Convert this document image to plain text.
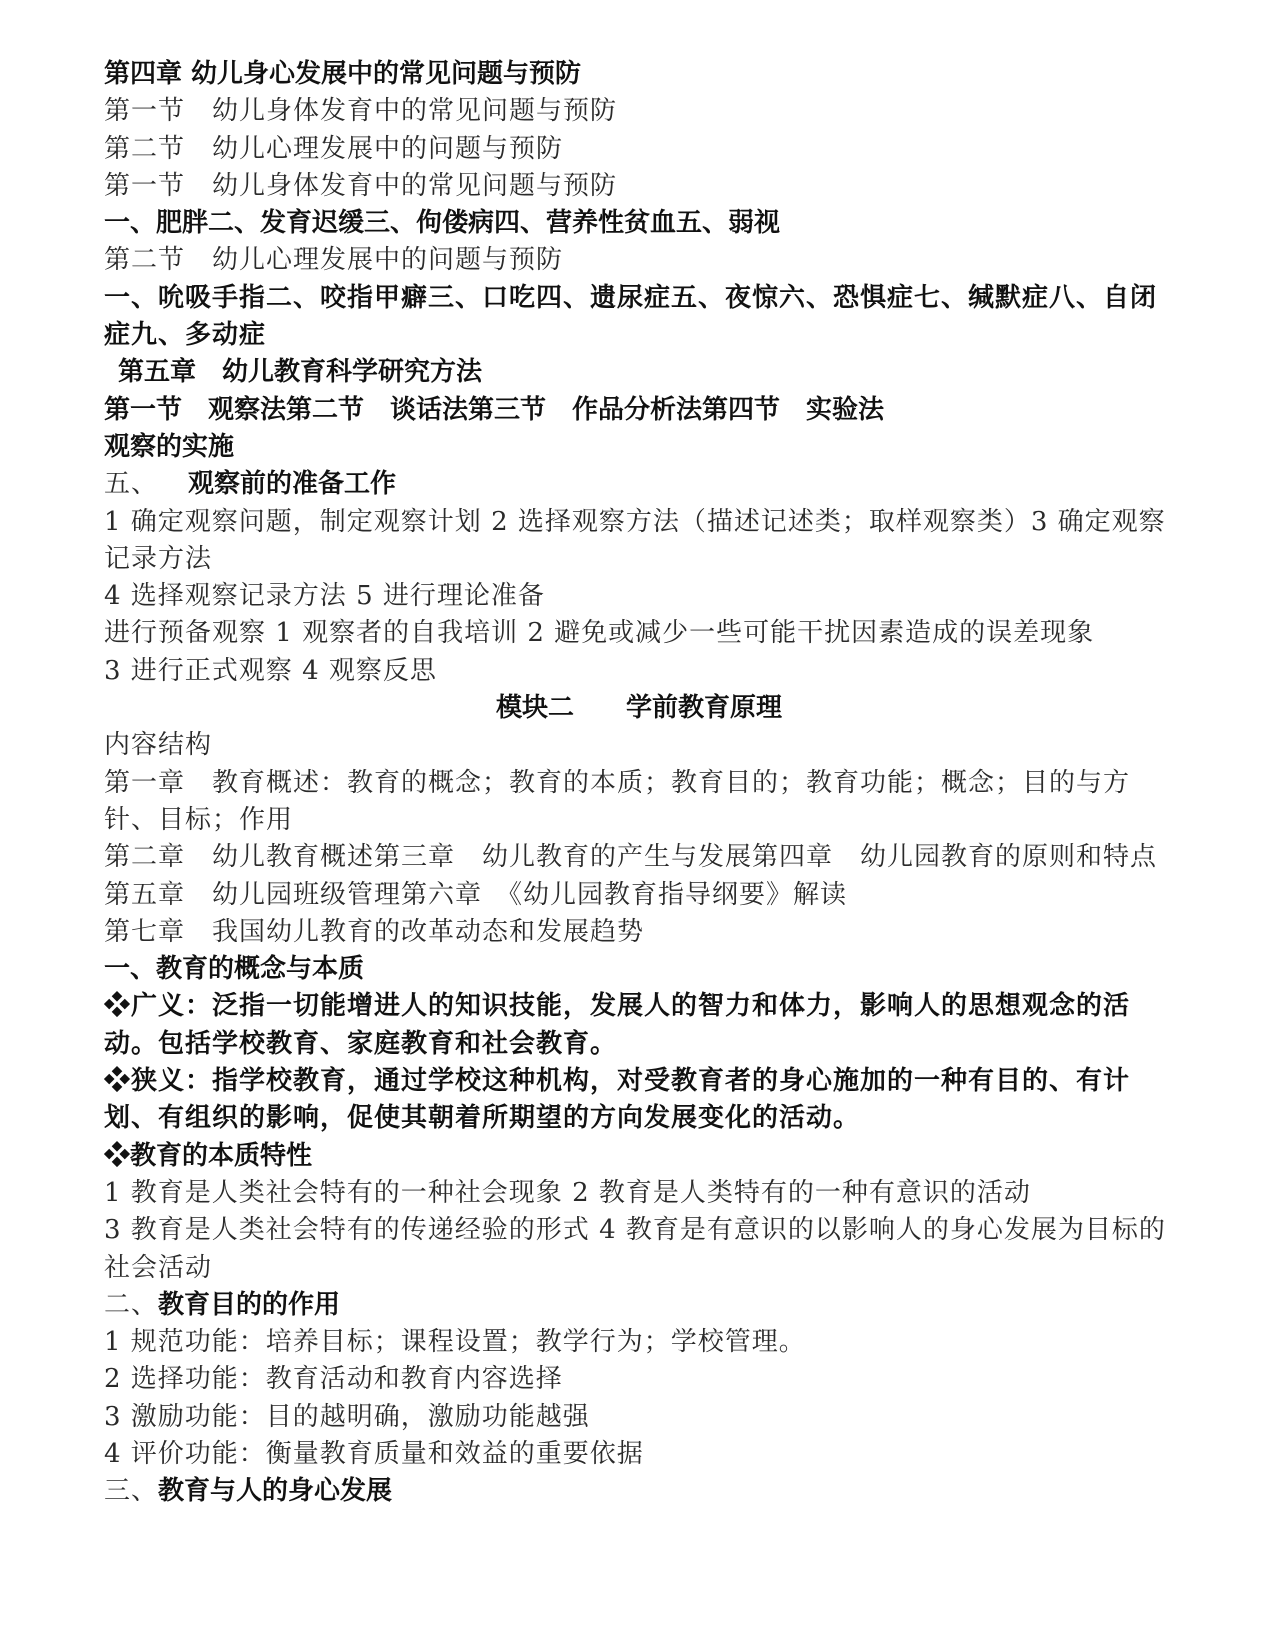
第四章 幼儿身心发展中的常见问题与预防
第一节　幼儿身体发育中的常见问题与预防
第二节　幼儿心理发展中的问题与预防
第一节　幼儿身体发育中的常见问题与预防
一、肥胖二、发育迟缓三、佝偻病四、营养性贫血五、弱视
第二节　幼儿心理发展中的问题与预防
一、吮吸手指二、咬指甲癖三、口吃四、遗尿症五、夜惊六、恐惧症七、缄默症八、自闭症九、多动症
第五章　幼儿教育科学研究方法
第一节　观察法第二节　谈话法第三节　作品分析法第四节　实验法
观察的实施
五、 观察前的准备工作
1 确定观察问题，制定观察计划 2 选择观察方法（描述记述类；取样观察类）3 确定观察记录方法
4 选择观察记录方法 5 进行理论准备
进行预备观察 1 观察者的自我培训 2 避免或减少一些可能干扰因素造成的误差现象
3 进行正式观察 4 观察反思
模块二　　学前教育原理
内容结构
第一章　教育概述：教育的概念；教育的本质；教育目的；教育功能；概念；目的与方针、目标；作用
第二章　幼儿教育概述第三章　幼儿教育的产生与发展第四章　幼儿园教育的原则和特点
第五章　幼儿园班级管理第六章　《幼儿园教育指导纲要》解读
第七章　我国幼儿教育的改革动态和发展趋势
一、教育的概念与本质
❖广义：泛指一切能增进人的知识技能，发展人的智力和体力，影响人的思想观念的活动。包括学校教育、家庭教育和社会教育。
❖狭义：指学校教育，通过学校这种机构，对受教育者的身心施加的一种有目的、有计划、有组织的影响，促使其朝着所期望的方向发展变化的活动。
❖教育的本质特性
1 教育是人类社会特有的一种社会现象 2 教育是人类特有的一种有意识的活动
3 教育是人类社会特有的传递经验的形式 4 教育是有意识的以影响人的身心发展为目标的社会活动
二、教育目的的作用
1 规范功能：培养目标；课程设置；教学行为；学校管理。
2 选择功能：教育活动和教育内容选择
3 激励功能：目的越明确，激励功能越强
4 评价功能：衡量教育质量和效益的重要依据
三、教育与人的身心发展
